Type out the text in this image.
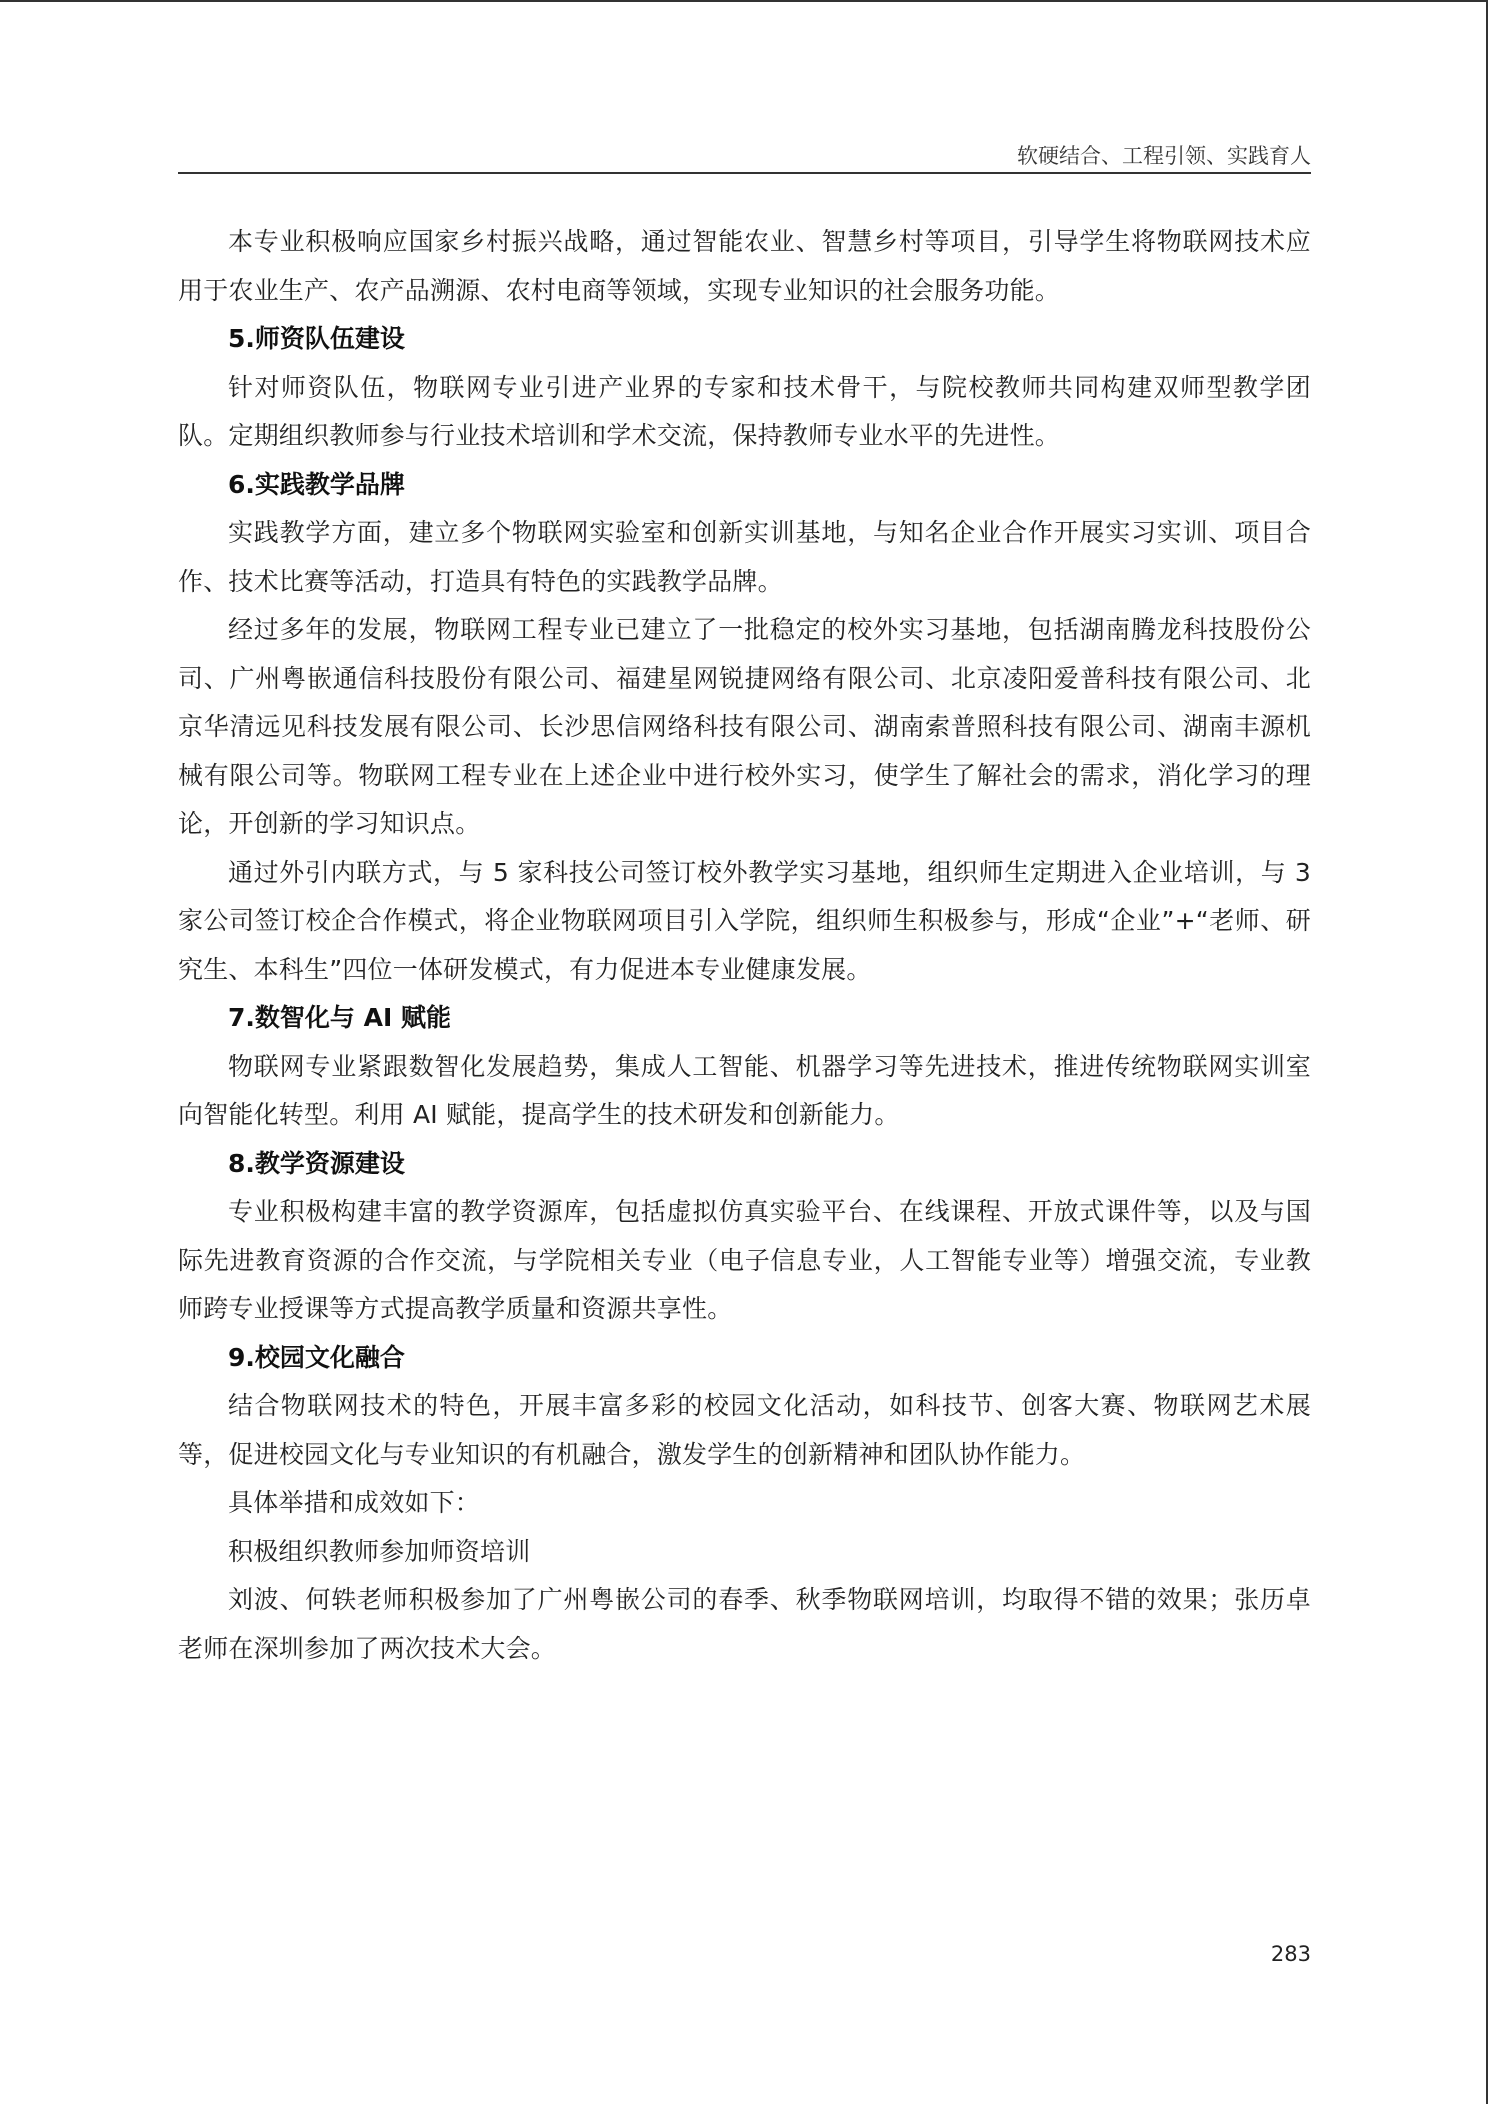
软硬结合、工程引领、实践育人

本专业积极响应国家乡村振兴战略，通过智能农业、智慧乡村等项目，引导学生将物联网技术应用于农业生产、农产品溯源、农村电商等领域，实现专业知识的社会服务功能。

5.师资队伍建设

针对师资队伍，物联网专业引进产业界的专家和技术骨干，与院校教师共同构建双师型教学团队。定期组织教师参与行业技术培训和学术交流，保持教师专业水平的先进性。

6.实践教学品牌

实践教学方面，建立多个物联网实验室和创新实训基地，与知名企业合作开展实习实训、项目合作、技术比赛等活动，打造具有特色的实践教学品牌。

经过多年的发展，物联网工程专业已建立了一批稳定的校外实习基地，包括湖南腾龙科技股份公司、广州粤嵌通信科技股份有限公司、福建星网锐捷网络有限公司、北京凌阳爱普科技有限公司、北京华清远见科技发展有限公司、长沙思信网络科技有限公司、湖南索普照科技有限公司、湖南丰源机械有限公司等。物联网工程专业在上述企业中进行校外实习，使学生了解社会的需求，消化学习的理论，开创新的学习知识点。

通过外引内联方式，与 5 家科技公司签订校外教学实习基地，组织师生定期进入企业培训，与 3 家公司签订校企合作模式，将企业物联网项目引入学院，组织师生积极参与，形成“企业”+“老师、研究生、本科生”四位一体研发模式，有力促进本专业健康发展。

7.数智化与 AI 赋能

物联网专业紧跟数智化发展趋势，集成人工智能、机器学习等先进技术，推进传统物联网实训室向智能化转型。利用 AI 赋能，提高学生的技术研发和创新能力。

8.教学资源建设

专业积极构建丰富的教学资源库，包括虚拟仿真实验平台、在线课程、开放式课件等，以及与国际先进教育资源的合作交流，与学院相关专业（电子信息专业，人工智能专业等）增强交流，专业教师跨专业授课等方式提高教学质量和资源共享性。

9.校园文化融合

结合物联网技术的特色，开展丰富多彩的校园文化活动，如科技节、创客大赛、物联网艺术展等，促进校园文化与专业知识的有机融合，激发学生的创新精神和团队协作能力。

具体举措和成效如下：

积极组织教师参加师资培训

刘波、何轶老师积极参加了广州粤嵌公司的春季、秋季物联网培训，均取得不错的效果；张历卓老师在深圳参加了两次技术大会。

283
